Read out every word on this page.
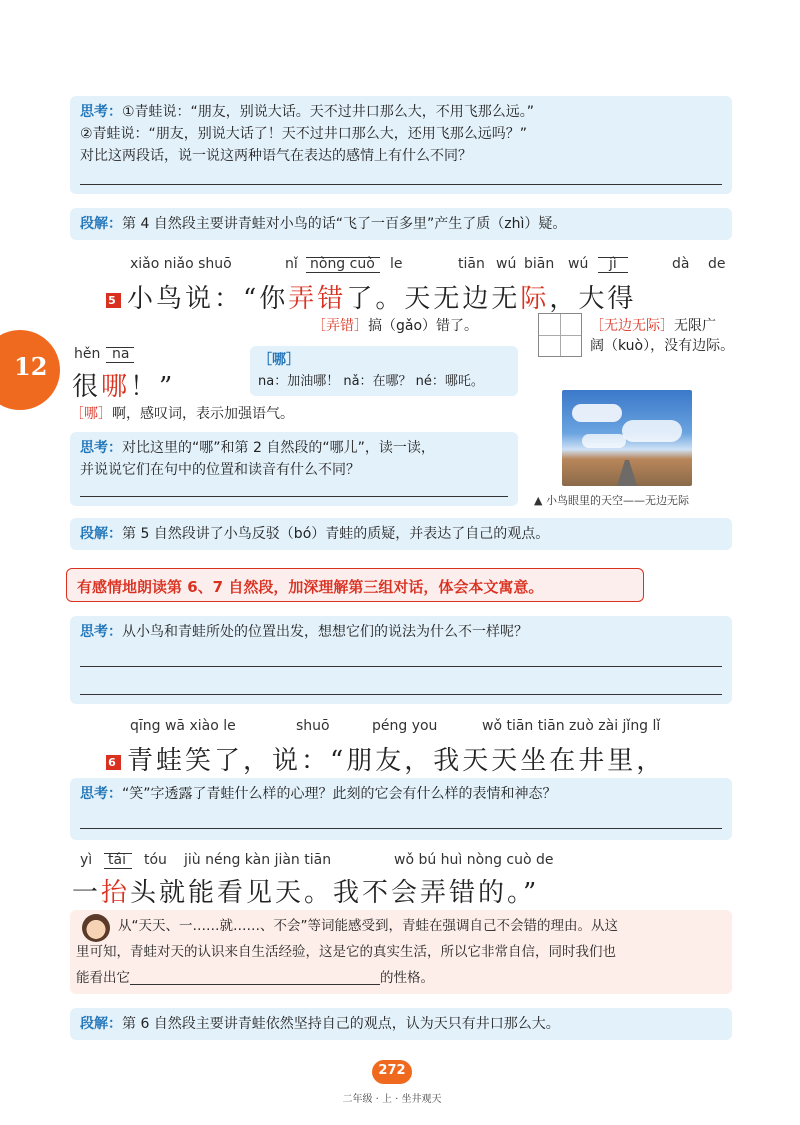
思考：①青蛙说：“朋友，别说大话。天不过井口那么大，不用飞那么远。”
②青蛙说：“朋友，别说大话了！天不过井口那么大，还用飞那么远吗？”
对比这两段话，说一说这两种语气在表达的感情上有什么不同？
段解：第 4 自然段主要讲青蛙对小鸟的话“飞了一百多里”产生了质（zhì）疑。
xiǎo niǎo shuō	nǐ nòng cuò le	tiān wú biān wú jì	dà de
5 小鸟说：“你弄错了。天无边无际，大得
［弄错］搞（gǎo）错了。	［无边无际］无限广
阔（kuò），没有边际。
12 hěn na
很哪！”
［哪］
na：加油哪！ nǎ：在哪？ né：哪吒。
［哪］啊，感叹词，表示加强语气。
思考：对比这里的“哪”和第 2 自然段的“哪儿”，读一读，
并说说它们在句中的位置和读音有什么不同？
▲ 小鸟眼里的天空——无边无际
段解：第 5 自然段讲了小鸟反驳（bó）青蛙的质疑，并表达了自己的观点。
有感情地朗读第 6、7 自然段，加深理解第三组对话，体会本文寓意。
思考：从小鸟和青蛙所处的位置出发，想想它们的说法为什么不一样呢？
qīng wā xiào le	shuō	péng you	wǒ tiān tiān zuò zài jǐng lǐ
6 青蛙笑了，说：“朋友，我天天坐在井里，
思考：“笑”字透露了青蛙什么样的心理？此刻的它会有什么样的表情和神态？
yì tái tóu jiù néng kàn jiàn tiān	wǒ bú huì nòng cuò de
一抬头就能看见天。我不会弄错的。”
从“天天、一……就……、不会”等词能感受到，青蛙在强调自己不会错的理由。从这
里可知，青蛙对天的认识来自生活经验，这是它的真实生活，所以它非常自信，同时我们也
能看出它	的性格。
段解：第 6 自然段主要讲青蛙依然坚持自己的观点，认为天只有井口那么大。
272
二年级 · 上 · 坐井观天
